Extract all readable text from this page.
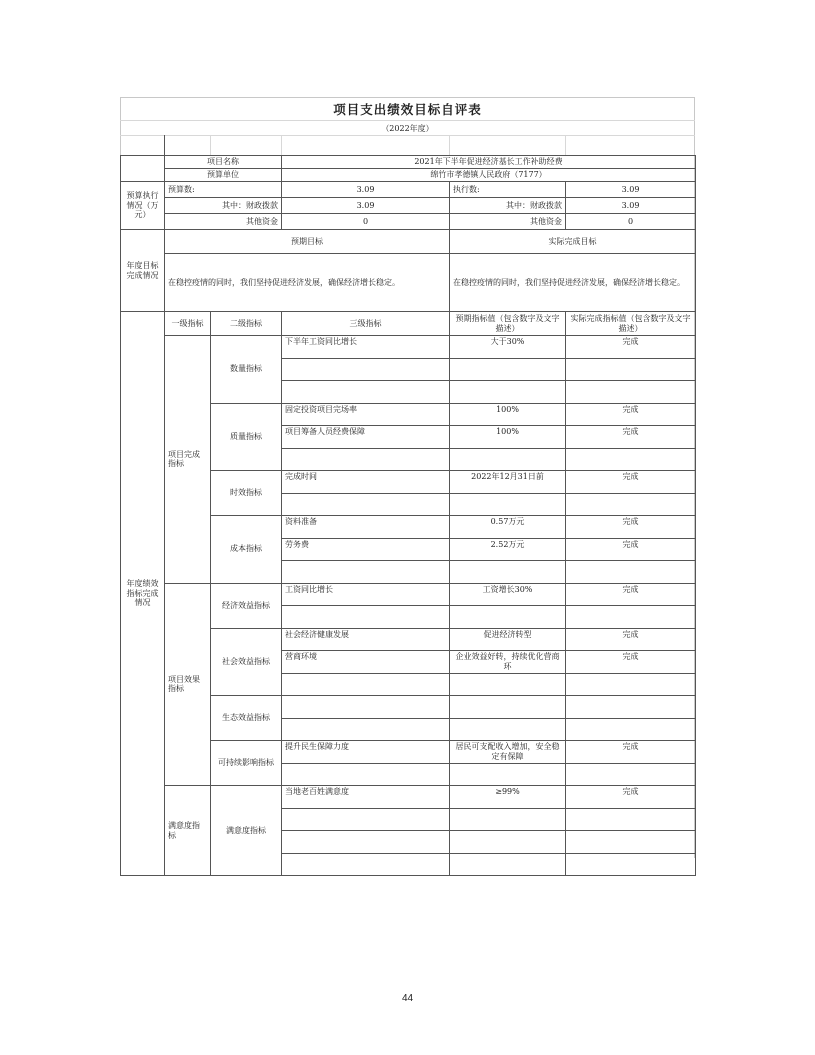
项目支出绩效目标自评表
（2022年度）
	项目名称		2021年下半年促进经济基长工作补助经费		
	预算单位		绵竹市孝德镇人民政府（7177）		
预算执行情况（万元）	预算数:		3.09	执行数:	3.09
	其中：财政拨款		3.09	其中：财政拨款	3.09
	其他资金		0	其他资金	0
年度目标完成情况	预期目标			实际完成目标	
	在稳控疫情的同时，我们坚持促进经济发展，确保经济增长稳定。			在稳控疫情的同时，我们坚持促进经济发展，确保经济增长稳定。	
年度绩效指标完成情况	一级指标	二级指标	三级指标	预期指标值（包含数字及文字描述）	实际完成指标值（包含数字及文字描述）
	项目完成指标	数量指标	下半年工资同比增长	大于30%	完成

		质量指标	固定投资项目完场率	100%	完成
			项目筹备人员经费保障	100%	完成

		时效指标	完成时间	2022年12月31日前	完成

		成本指标	资料准备	0.57万元	完成
			劳务费	2.52万元	完成

	项目效果指标	经济效益指标	工资同比增长	工资增长30%	完成

		社会效益指标	社会经济健康发展	促进经济转型	完成
			营商环境	企业效益好转，持续优化营商环	完成

		生态效益指标			

		可持续影响指标	提升民生保障力度	居民可支配收入增加，安全稳定有保障	完成

	满意度指标	满意度指标	当地老百姓满意度	≥99%	完成

44
